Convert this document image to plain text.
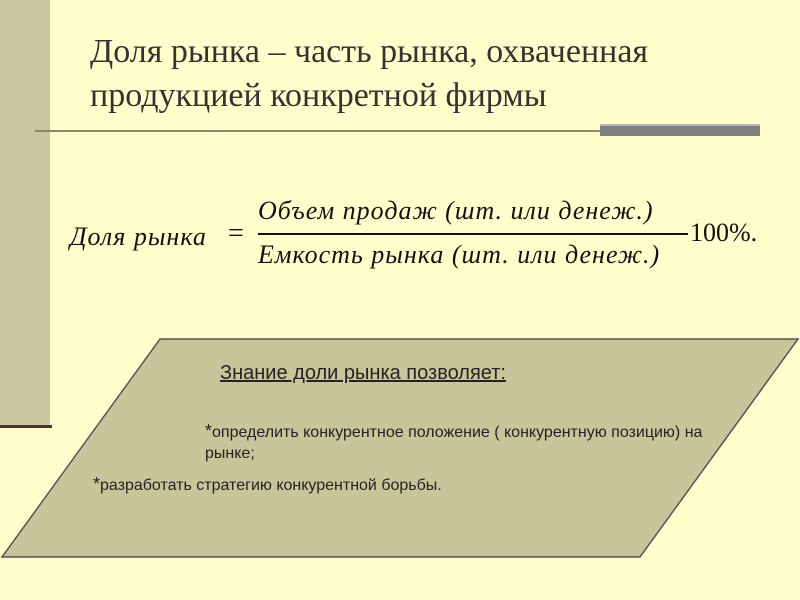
Доля рынка – часть рынка, охваченная продукцией конкретной фирмы
Доля рынка =
Объем продаж (шт. или денеж.)
Емкость рынка (шт. или денеж.)
100%.
Знание доли рынка позволяет:
*определить конкурентное положение ( конкурентную позицию) на рынке;
*разработать стратегию конкурентной борьбы.
